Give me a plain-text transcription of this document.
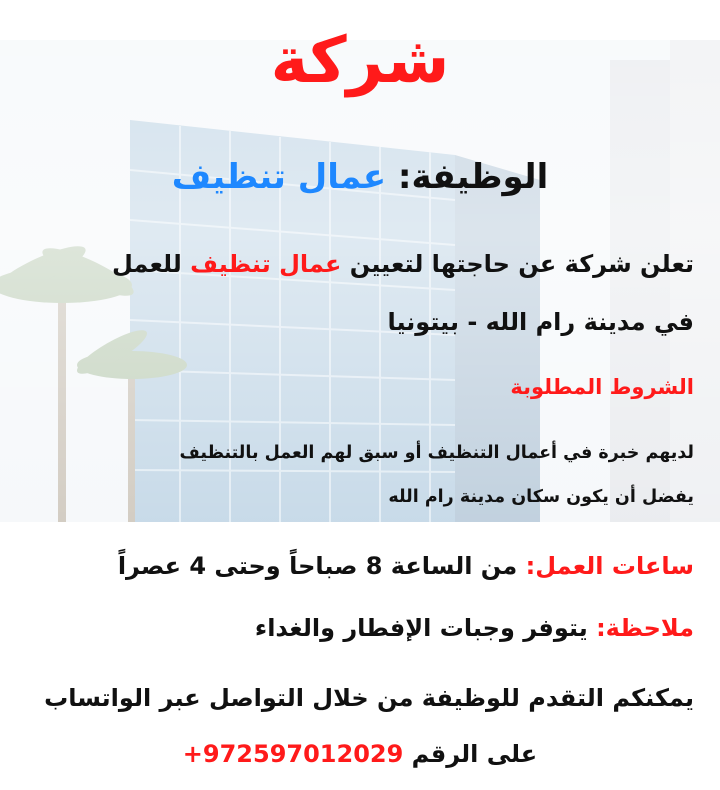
شركة
الوظيفة: عمال تنظيف
تعلن شركة عن حاجتها لتعيين عمال تنظيف للعمل
في مدينة رام الله - بيتونيا
الشروط المطلوبة
لديهم خبرة في أعمال التنظيف أو سبق لهم العمل بالتنظيف
يفضل أن يكون سكان مدينة رام الله
ساعات العمل: من الساعة 8 صباحاً وحتى 4 عصراً
ملاحظة: يتوفر وجبات الإفطار والغداء
يمكنكم التقدم للوظيفة من خلال التواصل عبر الواتساب
على الرقم +972597012029
